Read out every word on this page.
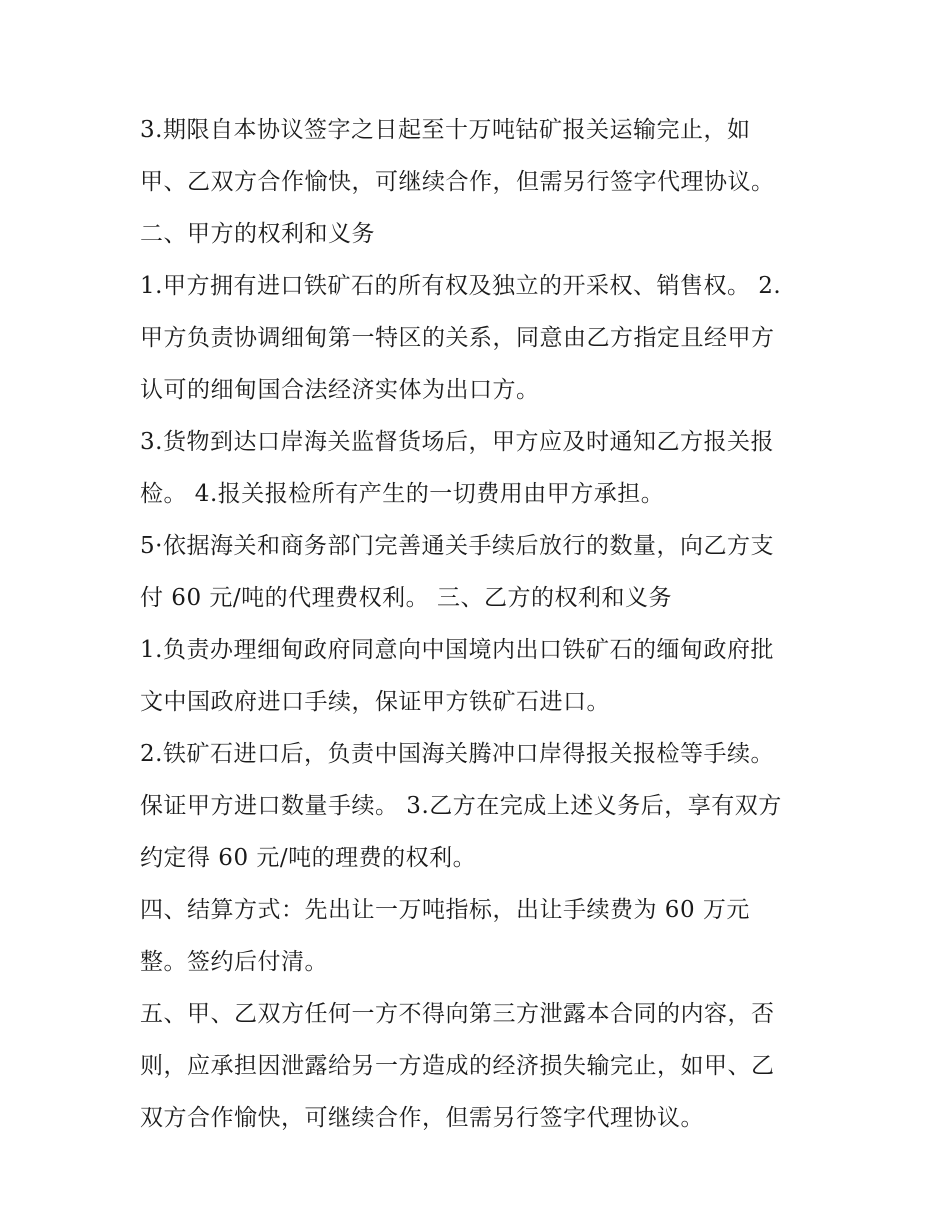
3.期限自本协议签字之日起至十万吨钴矿报关运输完止，如
甲、乙双方合作愉快，可继续合作，但需另行签字代理协议。
二、甲方的权利和义务
1.甲方拥有进口铁矿石的所有权及独立的开采权、销售权。 2.
甲方负责协调细甸第一特区的关系，同意由乙方指定且经甲方
认可的细甸国合法经济实体为出口方。
3.货物到达口岸海关监督货场后，甲方应及时通知乙方报关报
检。 4.报关报检所有产生的一切费用由甲方承担。
5·依据海关和商务部门完善通关手续后放行的数量，向乙方支
付 60 元/吨的代理费权利。 三、乙方的权利和义务
1.负责办理细甸政府同意向中国境内出口铁矿石的缅甸政府批
文中国政府进口手续，保证甲方铁矿石进口。
2.铁矿石进口后，负责中国海关腾冲口岸得报关报检等手续。
保证甲方进口数量手续。 3.乙方在完成上述义务后，享有双方
约定得 60 元/吨的理费的权利。
四、结算方式：先出让一万吨指标，出让手续费为 60 万元
整。签约后付清。
五、甲、乙双方任何一方不得向第三方泄露本合同的内容，否
则，应承担因泄露给另一方造成的经济损失输完止，如甲、乙
双方合作愉快，可继续合作，但需另行签字代理协议。
